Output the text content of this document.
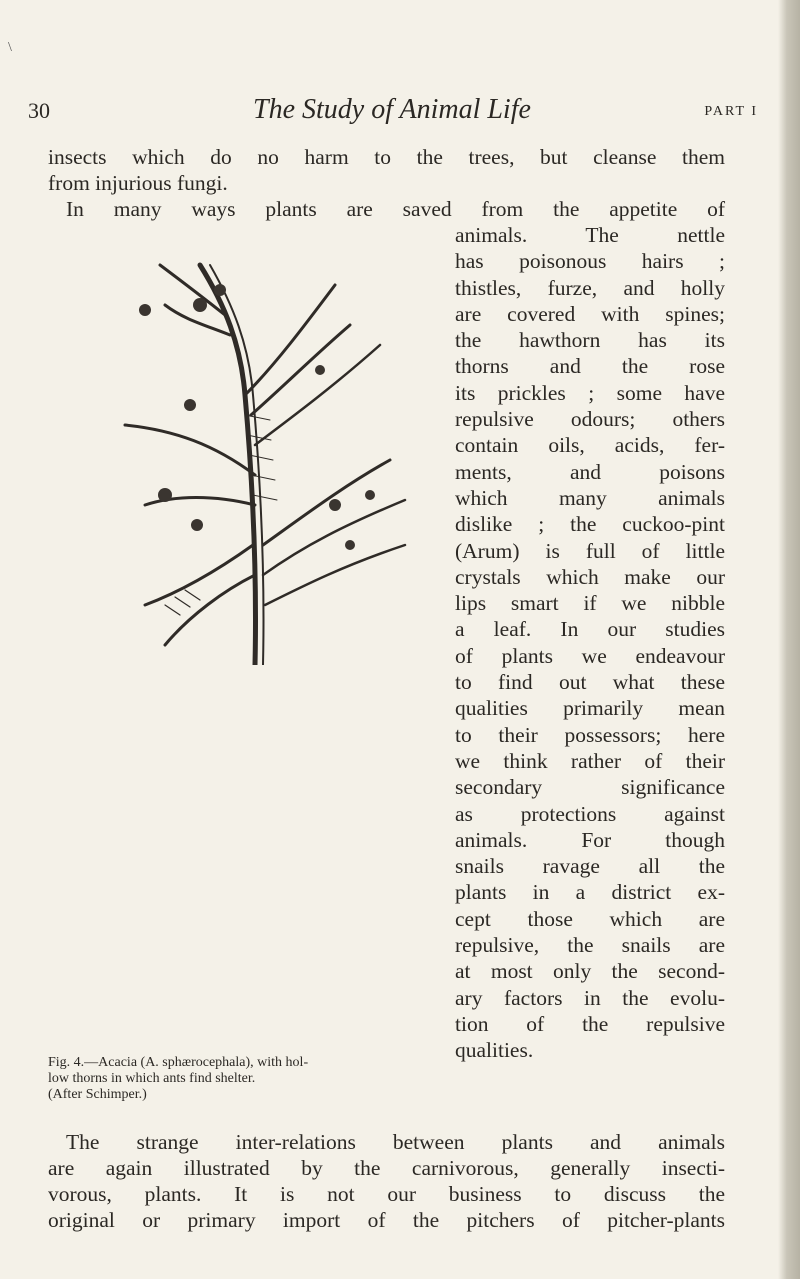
\
30	The Study of Animal Life	PART I
insects which do no harm to the trees, but cleanse them
from injurious fungi.
In many ways plants are saved from the appetite of
animals. The nettle
has poisonous hairs ;
thistles, furze, and holly
are covered with spines;
the hawthorn has its
thorns and the rose
its prickles ; some have
repulsive odours; others
contain oils, acids, fer-
ments, and poisons
which many animals
dislike ; the cuckoo-pint
(Arum) is full of little
crystals which make our
lips smart if we nibble
a leaf. In our studies
of plants we endeavour
to find out what these
qualities primarily mean
to their possessors; here
we think rather of their
secondary significance
as protections against
animals. For though
snails ravage all the
plants in a district ex-
cept those which are
repulsive, the snails are
at most only the second-
ary factors in the evolu-
tion of the repulsive
qualities.
Fig. 4.—Acacia (A. sphærocephala), with hol-
low thorns in which ants find shelter.
(After Schimper.)
The strange inter-relations between plants and animals
are again illustrated by the carnivorous, generally insecti-
vorous, plants. It is not our business to discuss the
original or primary import of the pitchers of pitcher-plants
